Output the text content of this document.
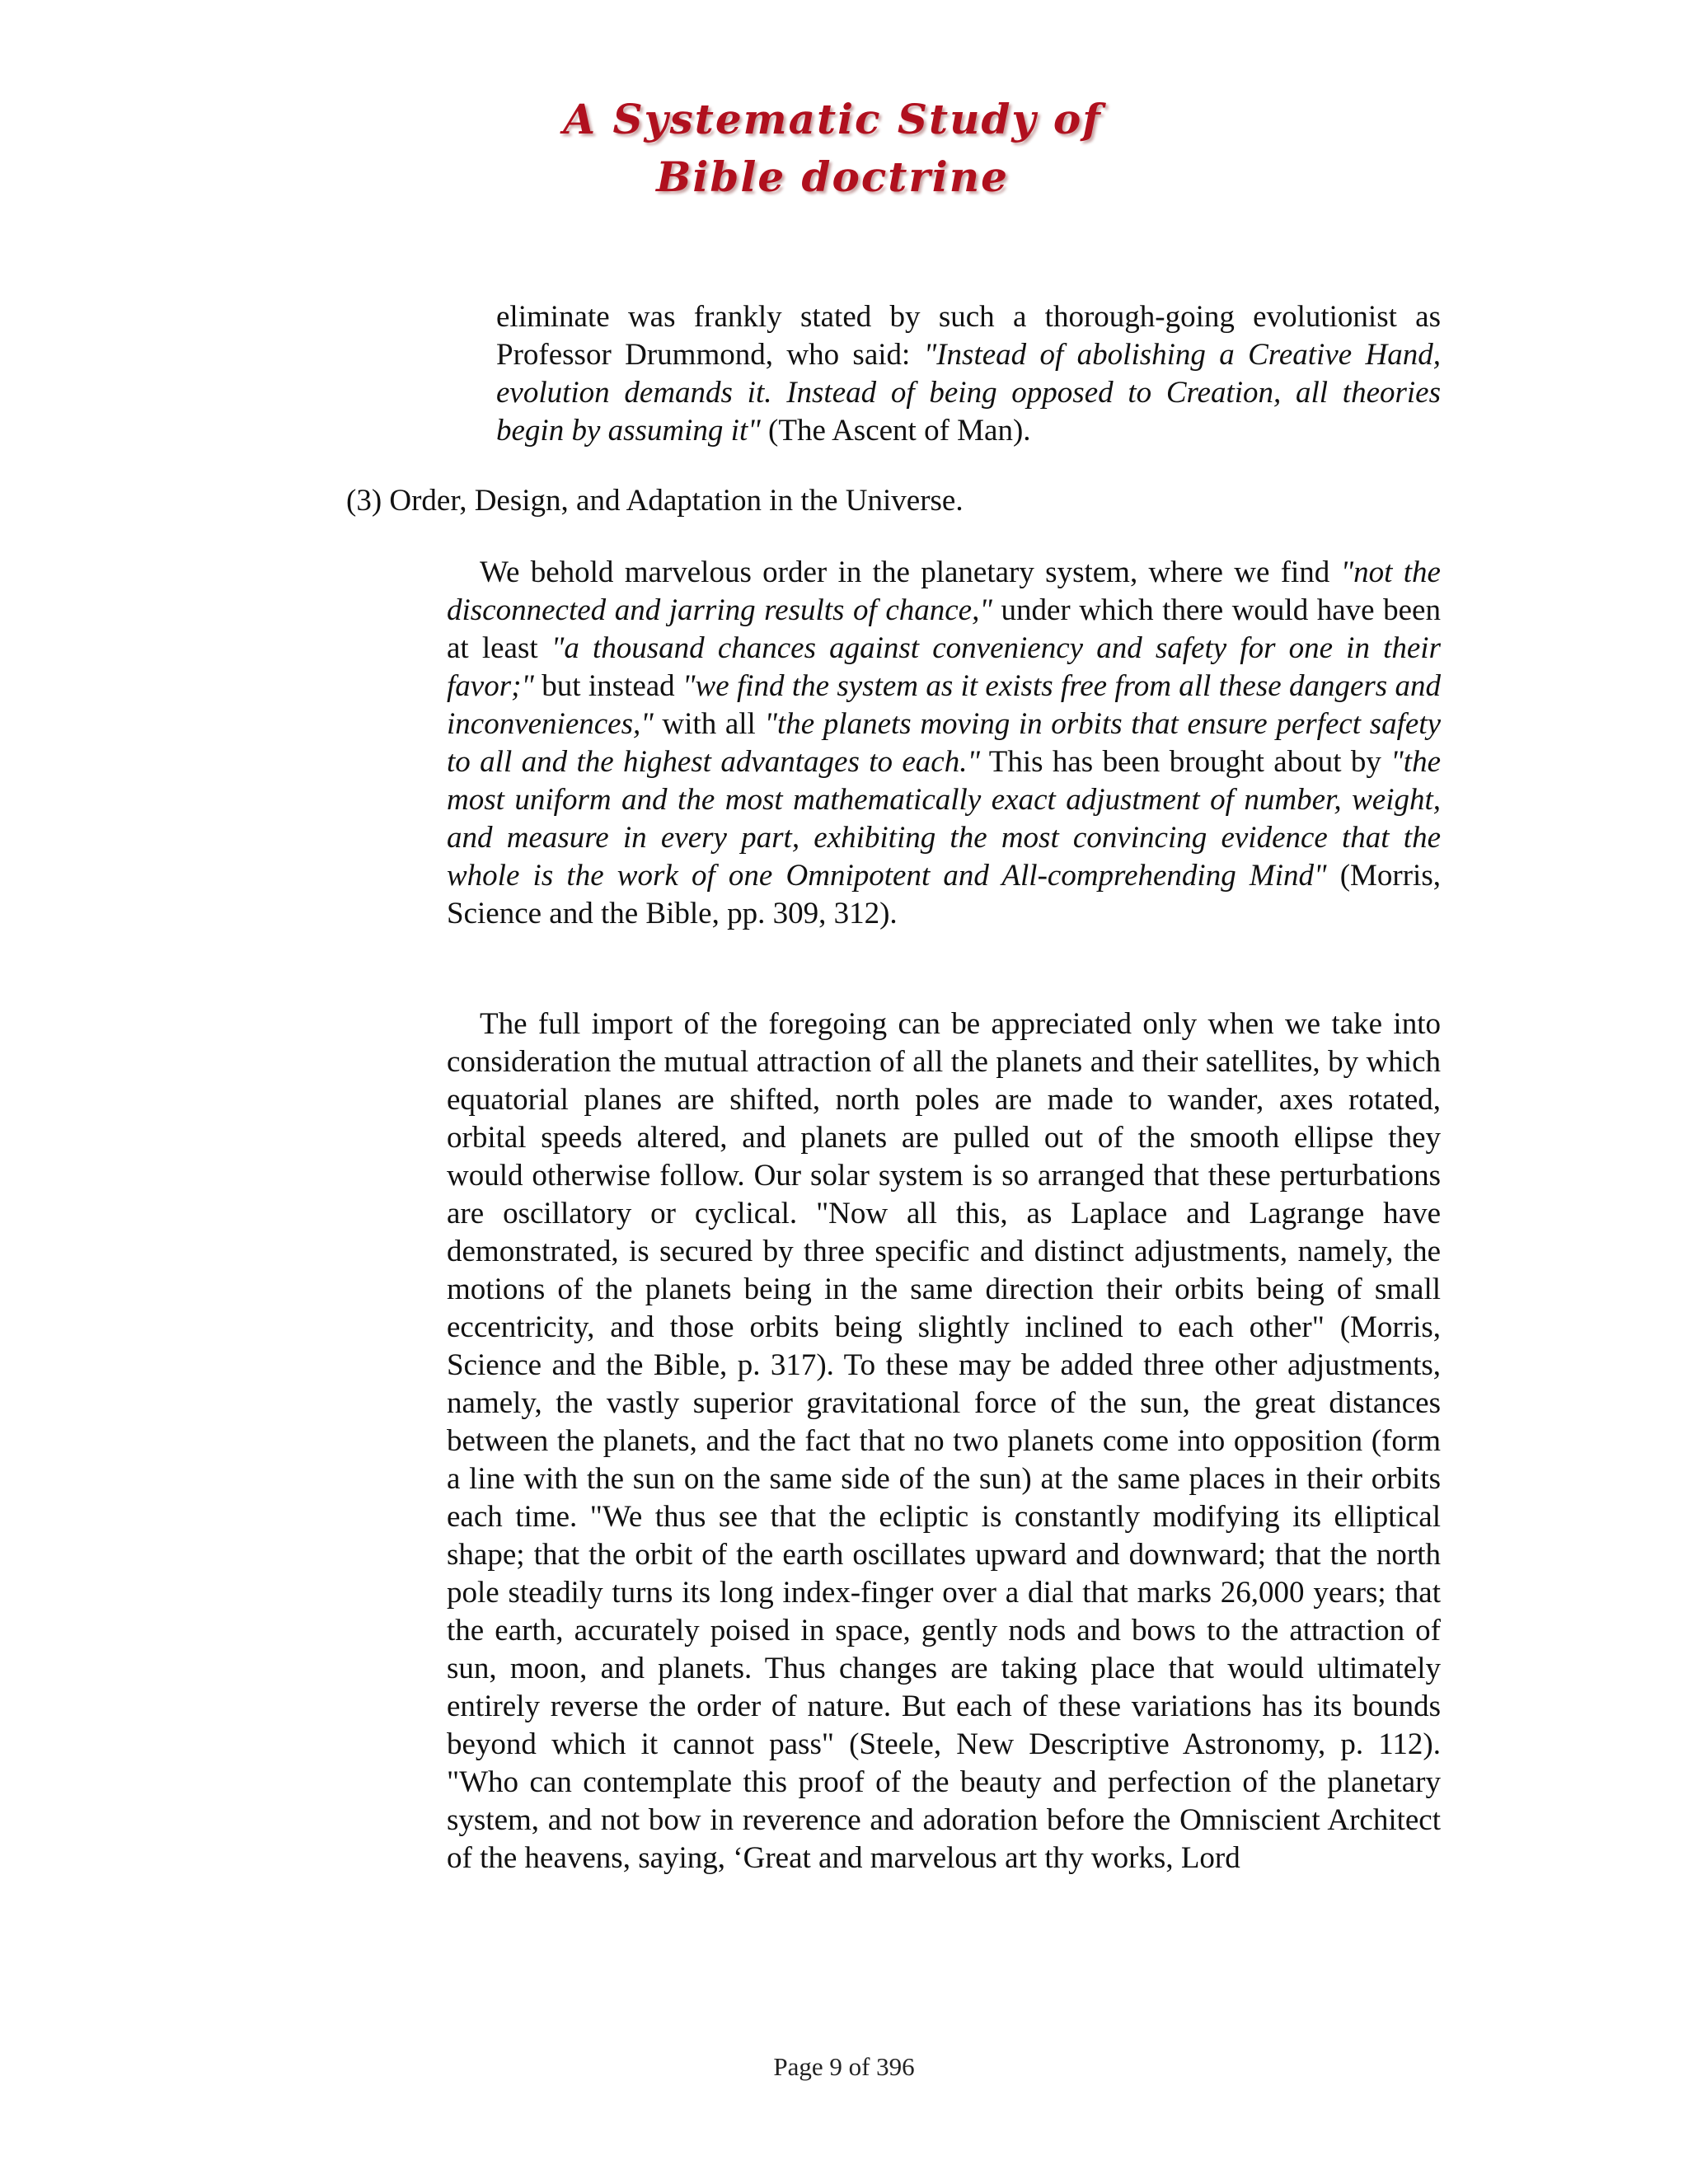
A Systematic Study of
Bible doctrine

eliminate was frankly stated by such a thorough-going evolutionist as Professor Drummond, who said: "Instead of abolishing a Creative Hand, evolution demands it. Instead of being opposed to Creation, all theories begin by assuming it" (The Ascent of Man).

(3) Order, Design, and Adaptation in the Universe.

We behold marvelous order in the planetary system, where we find "not the disconnected and jarring results of chance," under which there would have been at least "a thousand chances against conveniency and safety for one in their favor;" but instead "we find the system as it exists free from all these dangers and inconveniences," with all "the planets moving in orbits that ensure perfect safety to all and the highest advantages to each." This has been brought about by "the most uniform and the most mathematically exact adjustment of number, weight, and measure in every part, exhibiting the most convincing evidence that the whole is the work of one Omnipotent and All-comprehending Mind" (Morris, Science and the Bible, pp. 309, 312).

The full import of the foregoing can be appreciated only when we take into consideration the mutual attraction of all the planets and their satellites, by which equatorial planes are shifted, north poles are made to wander, axes rotated, orbital speeds altered, and planets are pulled out of the smooth ellipse they would otherwise follow. Our solar system is so arranged that these perturbations are oscillatory or cyclical. "Now all this, as Laplace and Lagrange have demonstrated, is secured by three specific and distinct adjustments, namely, the motions of the planets being in the same direction their orbits being of small eccentricity, and those orbits being slightly inclined to each other" (Morris, Science and the Bible, p. 317). To these may be added three other adjustments, namely, the vastly superior gravitational force of the sun, the great distances between the planets, and the fact that no two planets come into opposition (form a line with the sun on the same side of the sun) at the same places in their orbits each time. "We thus see that the ecliptic is constantly modifying its elliptical shape; that the orbit of the earth oscillates upward and downward; that the north pole steadily turns its long index-finger over a dial that marks 26,000 years; that the earth, accurately poised in space, gently nods and bows to the attraction of sun, moon, and planets. Thus changes are taking place that would ultimately entirely reverse the order of nature. But each of these variations has its bounds beyond which it cannot pass" (Steele, New Descriptive Astronomy, p. 112). "Who can contemplate this proof of the beauty and perfection of the planetary system, and not bow in reverence and adoration before the Omniscient Architect of the heavens, saying, ‘Great and marvelous art thy works, Lord

Page 9 of 396
